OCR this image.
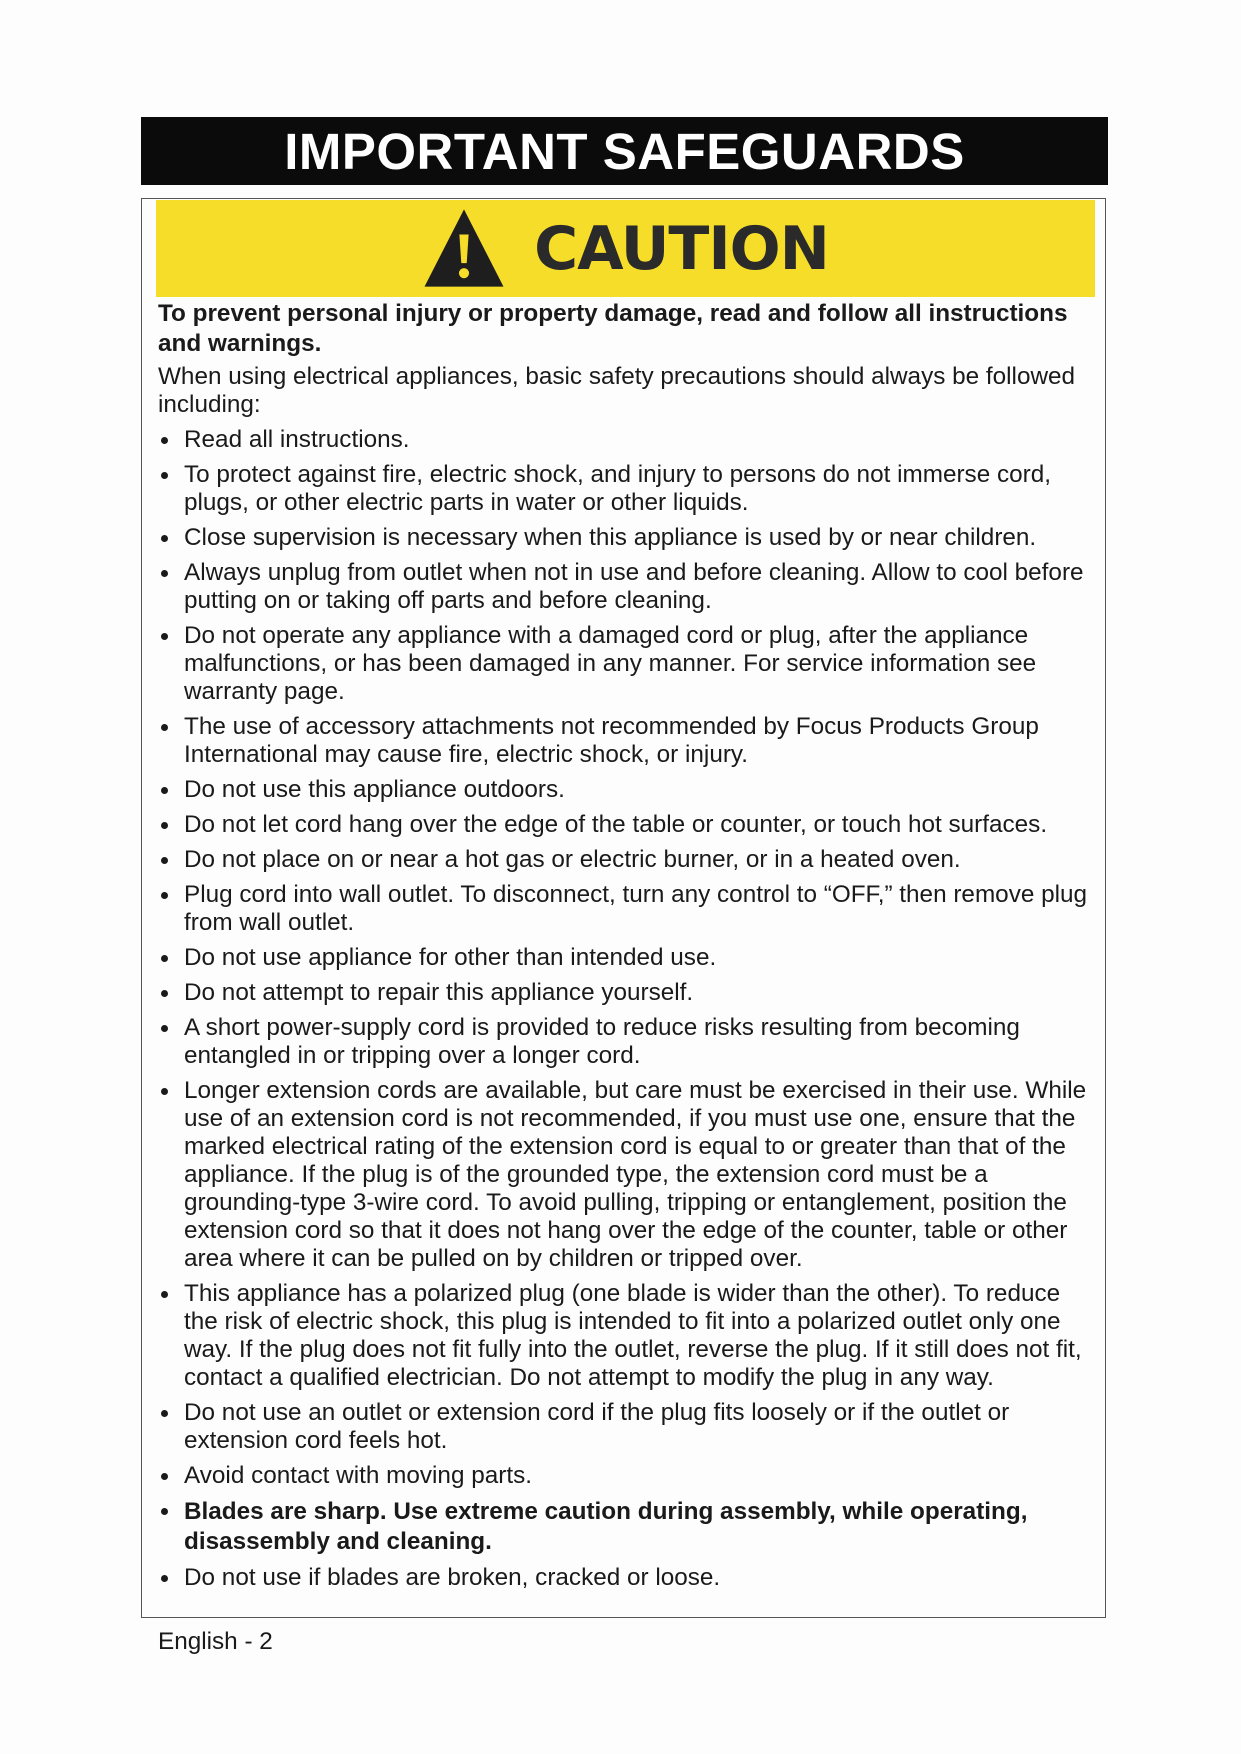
IMPORTANT SAFEGUARDS
CAUTION

To prevent personal injury or property damage, read and follow all instructions and warnings.

When using electrical appliances, basic safety precautions should always be followed including:

Read all instructions.
To protect against fire, electric shock, and injury to persons do not immerse cord, plugs, or other electric parts in water or other liquids.
Close supervision is necessary when this appliance is used by or near children.
Always unplug from outlet when not in use and before cleaning. Allow to cool before putting on or taking off parts and before cleaning.
Do not operate any appliance with a damaged cord or plug, after the appliance malfunctions, or has been damaged in any manner. For service information see warranty page.
The use of accessory attachments not recommended by Focus Products Group International may cause fire, electric shock, or injury.
Do not use this appliance outdoors.
Do not let cord hang over the edge of the table or counter, or touch hot surfaces.
Do not place on or near a hot gas or electric burner, or in a heated oven.
Plug cord into wall outlet. To disconnect, turn any control to “OFF,” then remove plug from wall outlet.
Do not use appliance for other than intended use.
Do not attempt to repair this appliance yourself.
A short power-supply cord is provided to reduce risks resulting from becoming entangled in or tripping over a longer cord.
Longer extension cords are available, but care must be exercised in their use. While use of an extension cord is not recommended, if you must use one, ensure that the marked electrical rating of the extension cord is equal to or greater than that of the appliance. If the plug is of the grounded type, the extension cord must be a grounding-type 3-wire cord. To avoid pulling, tripping or entanglement, position the extension cord so that it does not hang over the edge of the counter, table or other area where it can be pulled on by children or tripped over.
This appliance has a polarized plug (one blade is wider than the other). To reduce the risk of electric shock, this plug is intended to fit into a polarized outlet only one way. If the plug does not fit fully into the outlet, reverse the plug. If it still does not fit, contact a qualified electrician. Do not attempt to modify the plug in any way.
Do not use an outlet or extension cord if the plug fits loosely or if the outlet or extension cord feels hot.
Avoid contact with moving parts.
Blades are sharp. Use extreme caution during assembly, while operating, disassembly and cleaning.
Do not use if blades are broken, cracked or loose.
English - 2
